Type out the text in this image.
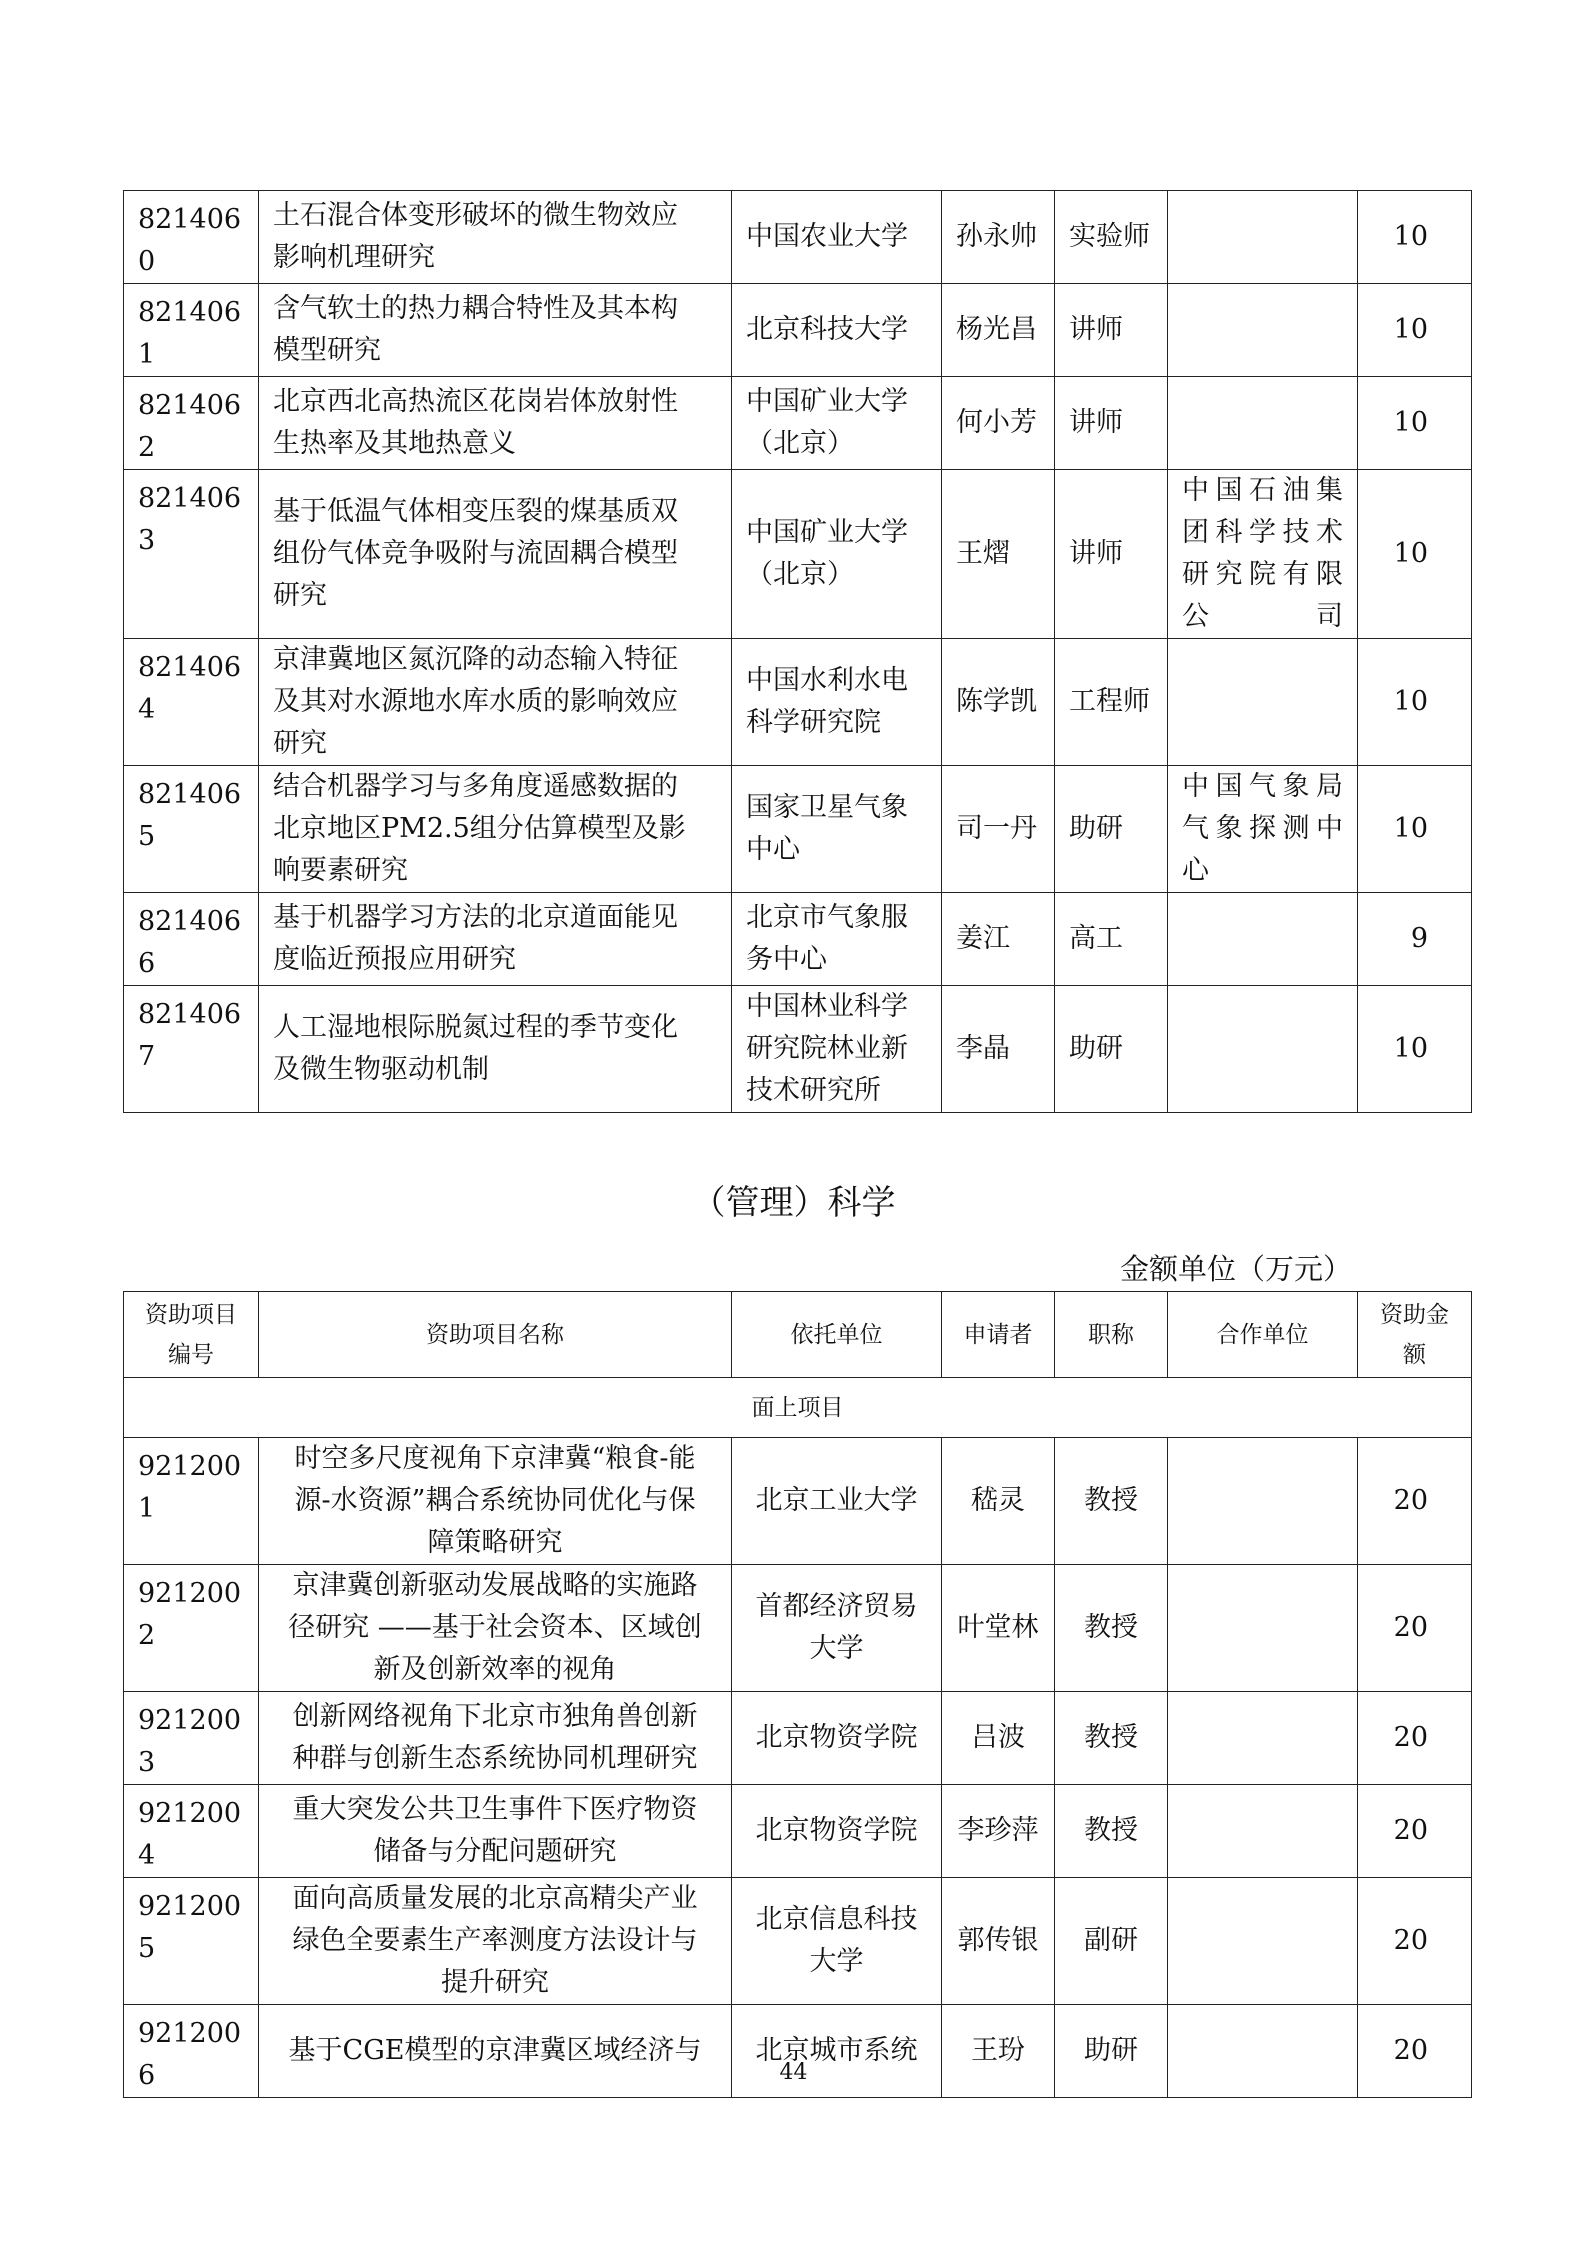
8214060	土石混合体变形破坏的微生物效应
影响机理研究	中国农业大学	孙永帅	实验师		10
8214061	含气软土的热力耦合特性及其本构
模型研究	北京科技大学	杨光昌	讲师		10
8214062	北京西北高热流区花岗岩体放射性
生热率及其地热意义	中国矿业大学
（北京）	何小芳	讲师		10
8214063	基于低温气体相变压裂的煤基质双
组份气体竞争吸附与流固耦合模型
研究	中国矿业大学
（北京）	王熠	讲师	中国石油集
团科学技术
研究院有限
公司	10
8214064	京津冀地区氮沉降的动态输入特征
及其对水源地水库水质的影响效应
研究	中国水利水电
科学研究院	陈学凯	工程师		10
8214065	结合机器学习与多角度遥感数据的
北京地区PM2.5组分估算模型及影
响要素研究	国家卫星气象
中心	司一丹	助研	中国气象局
气象探测中
心	10
8214066	基于机器学习方法的北京道面能见
度临近预报应用研究	北京市气象服
务中心	姜江	高工		9
8214067	人工湿地根际脱氮过程的季节变化
及微生物驱动机制	中国林业科学
研究院林业新
技术研究所	李晶	助研		10
（管理）科学
金额单位（万元）
资助项目
编号	资助项目名称	依托单位	申请者	职称	合作单位	资助金
额
面上项目						
9212001	时空多尺度视角下京津冀“粮食-能
源-水资源”耦合系统协同优化与保
障策略研究	北京工业大学	嵇灵	教授		20
9212002	京津冀创新驱动发展战略的实施路
径研究 ——基于社会资本、区域创
新及创新效率的视角	首都经济贸易
大学	叶堂林	教授		20
9212003	创新网络视角下北京市独角兽创新
种群与创新生态系统协同机理研究	北京物资学院	吕波	教授		20
9212004	重大突发公共卫生事件下医疗物资
储备与分配问题研究	北京物资学院	李珍萍	教授		20
9212005	面向高质量发展的北京高精尖产业
绿色全要素生产率测度方法设计与
提升研究	北京信息科技
大学	郭传银	副研		20
9212006	基于CGE模型的京津冀区域经济与	北京城市系统	王玢	助研		20
44
